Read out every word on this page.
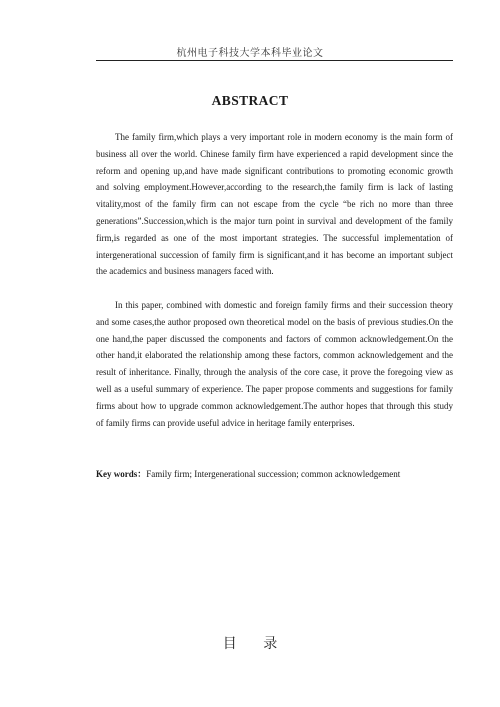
杭州电子科技大学本科毕业论文
ABSTRACT

The family firm,which plays a very important role in modern economy is the main form of business all over the world. Chinese family firm have experienced a rapid development since the reform and opening up,and have made significant contributions to promoting economic growth and solving employment.However,according to the research,the family firm is lack of lasting vitality,most of the family firm can not escape from the cycle “be rich no more than three generations”.Succession,which is the major turn point in survival and development of the family firm,is regarded as one of the most important strategies. The successful implementation of intergenerational succession of family firm is significant,and it has become an important subject the academics and business managers faced with.

In this paper, combined with domestic and foreign family firms and their succession theory and some cases,the author proposed own theoretical model on the basis of previous studies.On the one hand,the paper discussed the components and factors of common acknowledgement.On the other hand,it elaborated the relationship among these factors, common acknowledgement and the result of inheritance. Finally, through the analysis of the core case, it prove the foregoing view as well as a useful summary of experience. The paper propose comments and suggestions for family firms about how to upgrade common acknowledgement.The author hopes that through this study of family firms can provide useful advice in heritage family enterprises.

Key words：Family firm; Intergenerational succession; common acknowledgement
目 录
